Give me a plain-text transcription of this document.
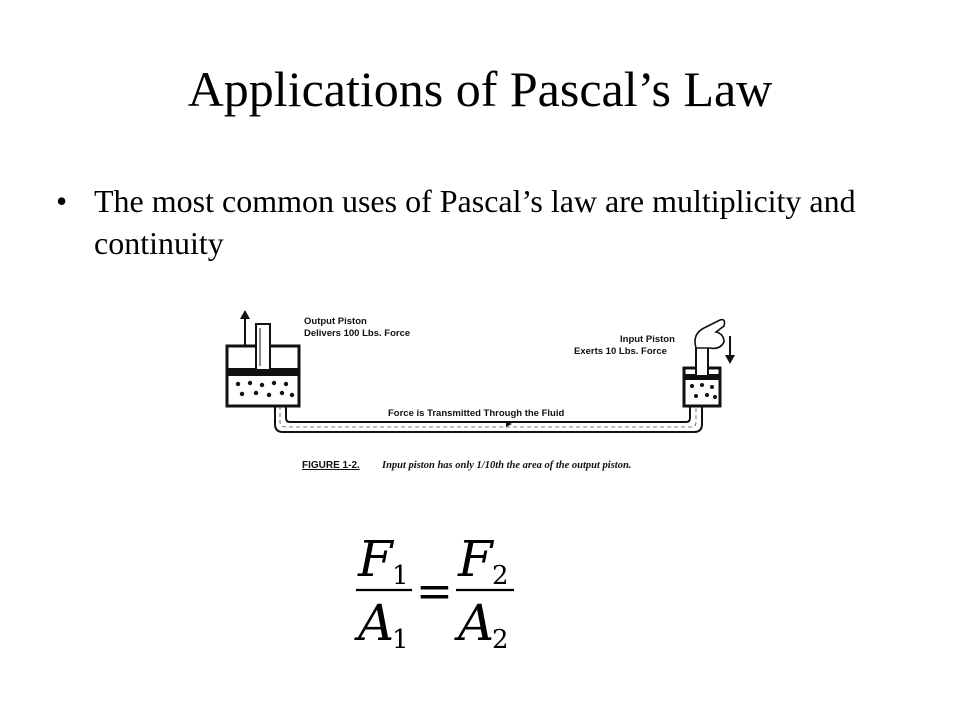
Applications of Pascal’s Law
• The most common uses of Pascal’s law are multiplicity and continuity
Output Piston
Delivers 100 Lbs. Force
Input Piston
Exerts 10 Lbs. Force
Force is Transmitted Through the Fluid
FIGURE 1-2. Input piston has only 1/10th the area of the output piston.
F 1
A
1
=
F 2
A
2
